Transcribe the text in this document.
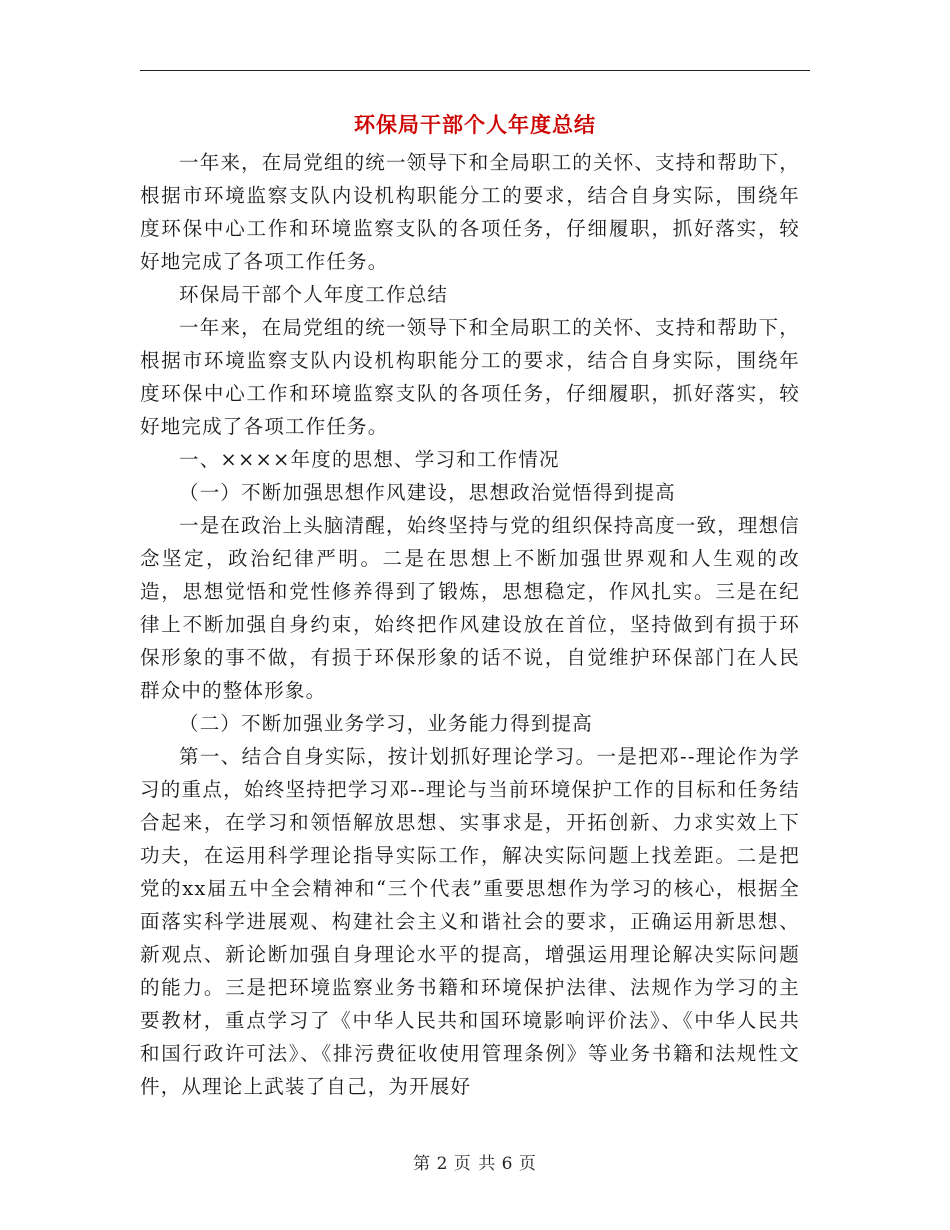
环保局干部个人年度总结

一年来，在局党组的统一领导下和全局职工的关怀、支持和帮助下，根据市环境监察支队内设机构职能分工的要求，结合自身实际，围绕年度环保中心工作和环境监察支队的各项任务，仔细履职，抓好落实，较好地完成了各项工作任务。

环保局干部个人年度工作总结

一年来，在局党组的统一领导下和全局职工的关怀、支持和帮助下，根据市环境监察支队内设机构职能分工的要求，结合自身实际，围绕年度环保中心工作和环境监察支队的各项任务，仔细履职，抓好落实，较好地完成了各项工作任务。

一、××××年度的思想、学习和工作情况

（一）不断加强思想作风建设，思想政治觉悟得到提高

一是在政治上头脑清醒，始终坚持与党的组织保持高度一致，理想信念坚定，政治纪律严明。二是在思想上不断加强世界观和人生观的改造，思想觉悟和党性修养得到了锻炼，思想稳定，作风扎实。三是在纪律上不断加强自身约束，始终把作风建设放在首位，坚持做到有损于环保形象的事不做，有损于环保形象的话不说，自觉维护环保部门在人民群众中的整体形象。

（二）不断加强业务学习，业务能力得到提高

第一、结合自身实际，按计划抓好理论学习。一是把邓--理论作为学习的重点，始终坚持把学习邓--理论与当前环境保护工作的目标和任务结合起来，在学习和领悟解放思想、实事求是，开拓创新、力求实效上下功夫，在运用科学理论指导实际工作，解决实际问题上找差距。二是把党的xx届五中全会精神和“三个代表”重要思想作为学习的核心，根据全面落实科学进展观、构建社会主义和谐社会的要求，正确运用新思想、新观点、新论断加强自身理论水平的提高，增强运用理论解决实际问题的能力。三是把环境监察业务书籍和环境保护法律、法规作为学习的主要教材，重点学习了《中华人民共和国环境影响评价法》、《中华人民共和国行政许可法》、《排污费征收使用管理条例》等业务书籍和法规性文件，从理论上武装了自己，为开展好

第 2 页 共 6 页
